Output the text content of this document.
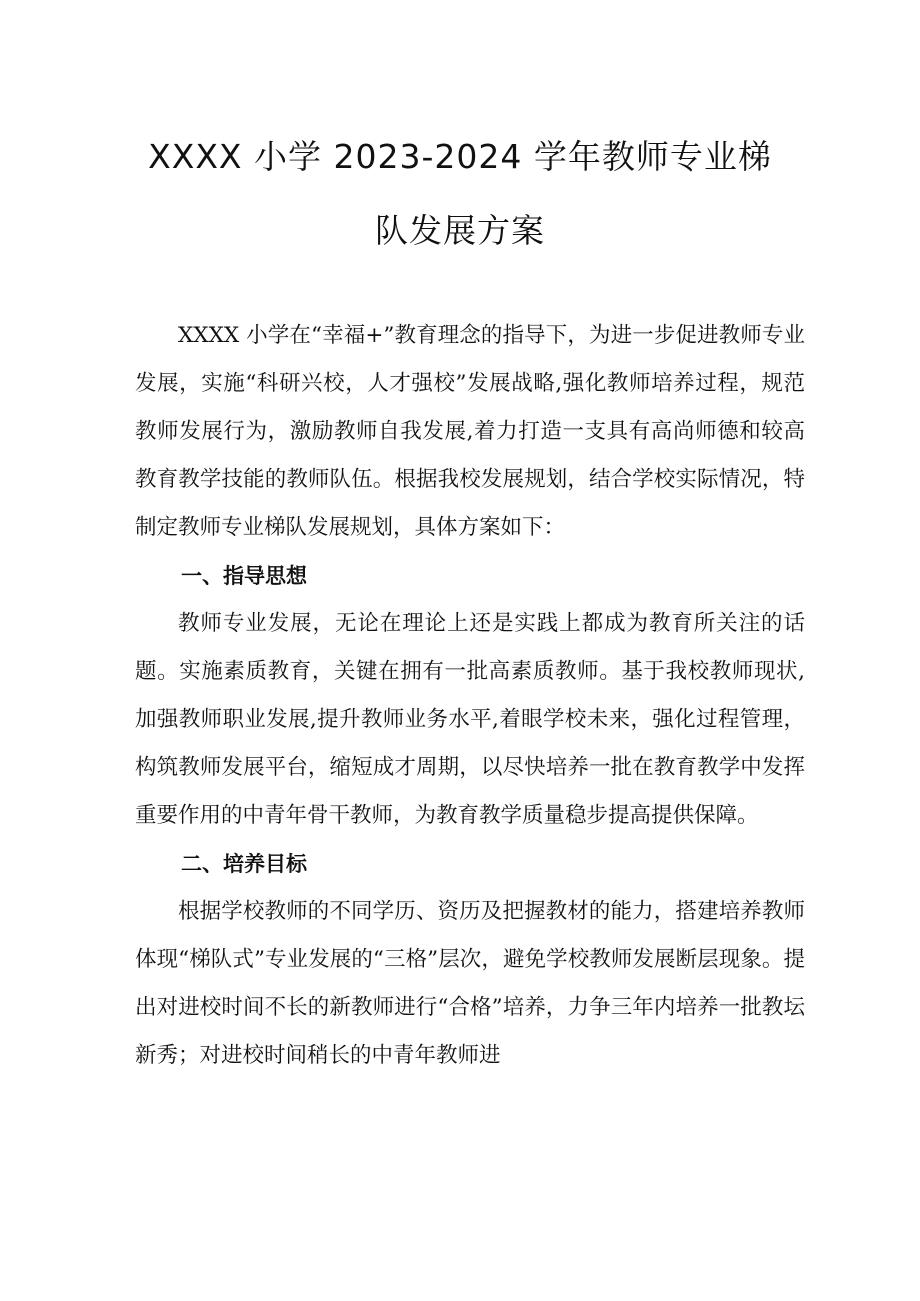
XXXX 小学 2023-2024 学年教师专业梯
队发展方案

XXXX 小学在“幸福+”教育理念的指导下，为进一步促进教师专业发展，实施“科研兴校，人才强校”发展战略,强化教师培养过程，规范教师发展行为，激励教师自我发展,着力打造一支具有高尚师德和较高教育教学技能的教师队伍。根据我校发展规划，结合学校实际情况，特制定教师专业梯队发展规划，具体方案如下：

一、指导思想

教师专业发展，无论在理论上还是实践上都成为教育所关注的话题。实施素质教育，关键在拥有一批高素质教师。基于我校教师现状,加强教师职业发展,提升教师业务水平,着眼学校未来，强化过程管理，构筑教师发展平台，缩短成才周期，以尽快培养一批在教育教学中发挥重要作用的中青年骨干教师，为教育教学质量稳步提高提供保障。

二、培养目标

根据学校教师的不同学历、资历及把握教材的能力，搭建培养教师体现“梯队式”专业发展的“三格”层次，避免学校教师发展断层现象。提出对进校时间不长的新教师进行“合格”培养，力争三年内培养一批教坛新秀；对进校时间稍长的中青年教师进
